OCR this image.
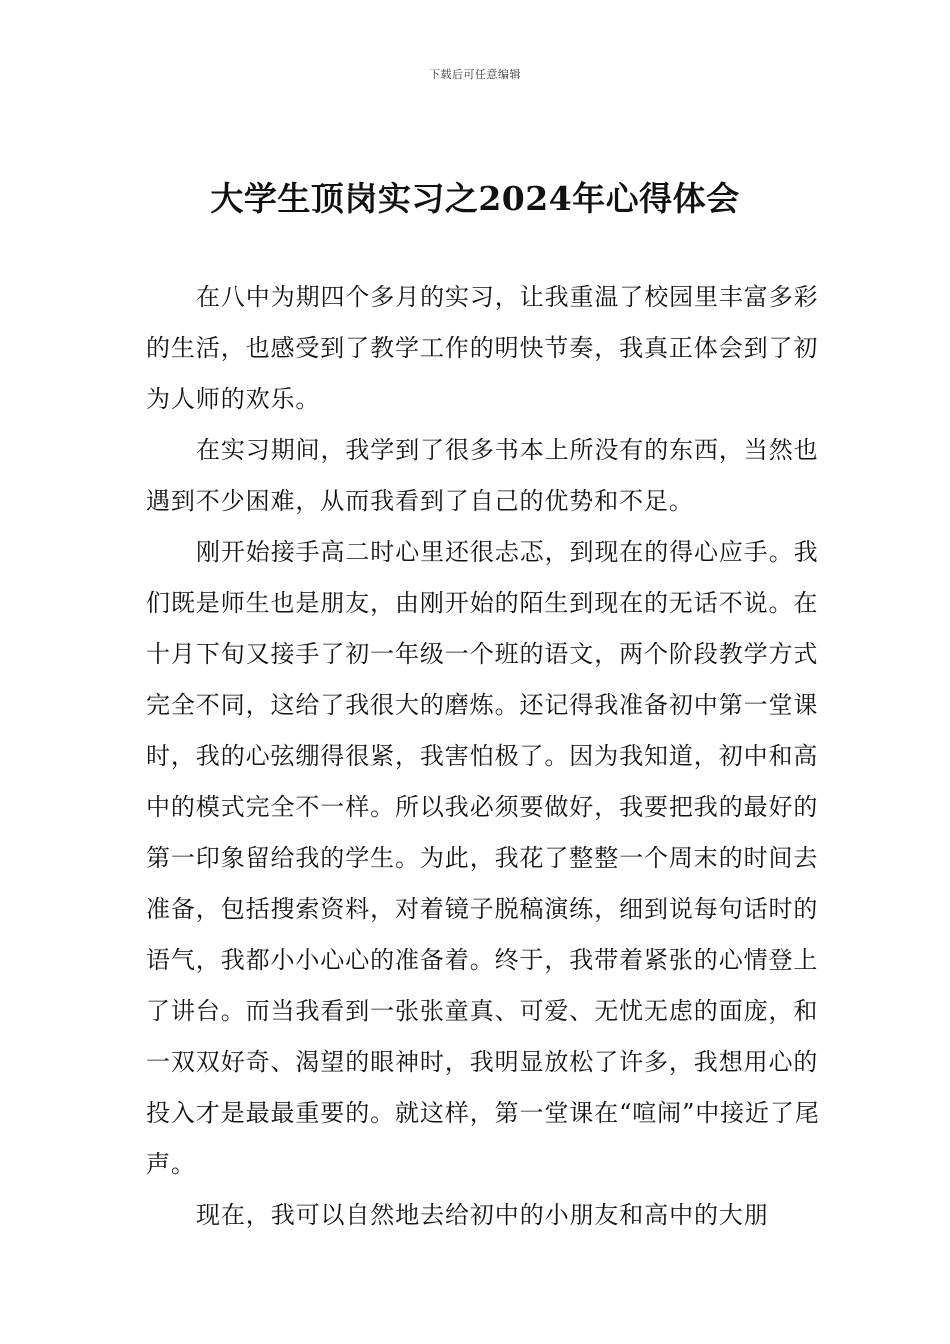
下载后可任意编辑
大学生顶岗实习之2024年心得体会

在八中为期四个多月的实习，让我重温了校园里丰富多彩的生活，也感受到了教学工作的明快节奏，我真正体会到了初为人师的欢乐。

在实习期间，我学到了很多书本上所没有的东西，当然也遇到不少困难，从而我看到了自己的优势和不足。

刚开始接手高二时心里还很忐忑，到现在的得心应手。我们既是师生也是朋友，由刚开始的陌生到现在的无话不说。在十月下旬又接手了初一年级一个班的语文，两个阶段教学方式完全不同，这给了我很大的磨炼。还记得我准备初中第一堂课时，我的心弦绷得很紧，我害怕极了。因为我知道，初中和高中的模式完全不一样。所以我必须要做好，我要把我的最好的第一印象留给我的学生。为此，我花了整整一个周末的时间去准备，包括搜索资料，对着镜子脱稿演练，细到说每句话时的语气，我都小小心心的准备着。终于，我带着紧张的心情登上了讲台。而当我看到一张张童真、可爱、无忧无虑的面庞，和一双双好奇、渴望的眼神时，我明显放松了许多，我想用心的投入才是最最重要的。就这样，第一堂课在“喧闹”中接近了尾声。

现在，我可以自然地去给初中的小朋友和高中的大朋
